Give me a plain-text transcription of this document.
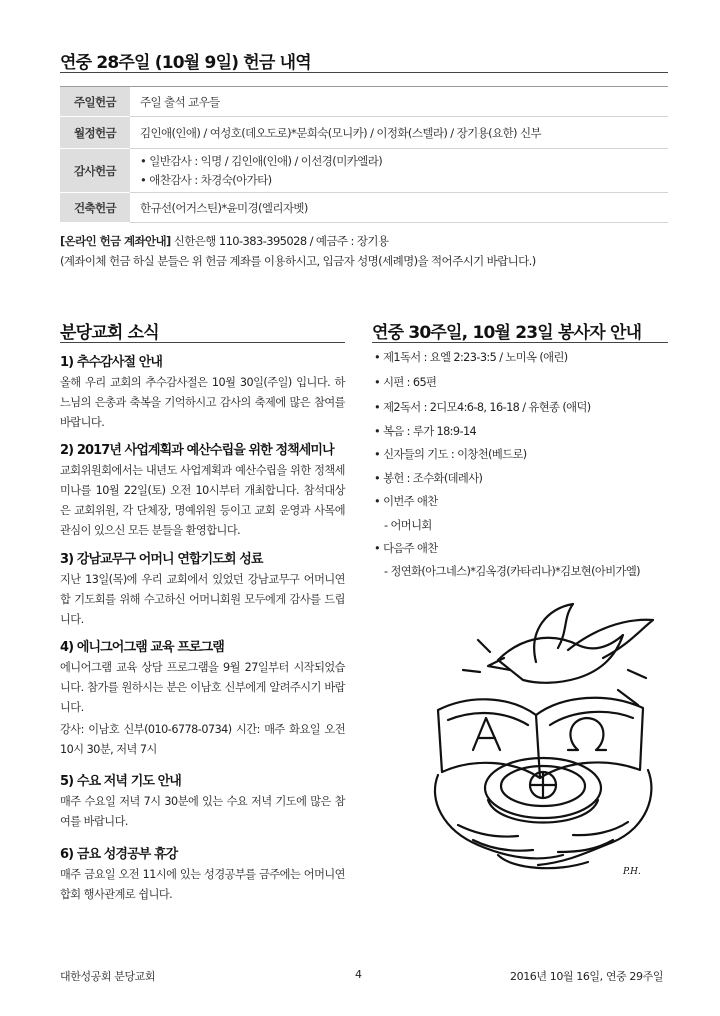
연중 28주일 (10월 9일) 헌금 내역
주일헌금	주일 출석 교우들
월정헌금	김인애(인애) / 여성호(데오도로)*문희숙(모니카) / 이정화(스텔라) / 장기용(요한) 신부
감사헌금	• 일반감사 : 익명 / 김인애(인애) / 이선경(미카엘라)
• 애찬감사 : 차경숙(아가타)

건축헌금	한규선(어거스틴)*윤미경(엘리자벳)
[온라인 헌금 계좌안내] 신한은행 110-383-395028 / 예금주 : 장기용
(계좌이체 헌금 하실 분들은 위 헌금 계좌를 이용하시고, 입금자 성명(세례명)을 적어주시기 바랍니다.)
분당교회 소식
1) 추수감사절 안내
올해 우리 교회의 추수감사절은 10월 30일(주일) 입니다. 하느님의 은총과 축복을 기억하시고 감사의 축제에 많은 참여를 바랍니다.
2) 2017년 사업계획과 예산수립을 위한 정책세미나
교회위원회에서는 내년도 사업계획과 예산수립을 위한 정책세미나를 10월 22일(토) 오전 10시부터 개최합니다. 참석대상은 교회위원, 각 단체장, 명예위원 등이고 교회 운영과 사목에 관심이 있으신 모든 분들을 환영합니다.
3) 강남교무구 어머니 연합기도회 성료
지난 13일(목)에 우리 교회에서 있었던 강남교무구 어머니연합 기도회를 위해 수고하신 어머니회원 모두에게 감사를 드립니다.
4) 에니그어그램 교육 프로그램
에니어그램 교육 상담 프로그램을 9월 27일부터 시작되었습니다. 참가를 원하시는 분은 이남호 신부에게 알려주시기 바랍니다.
강사: 이남호 신부(010-6778-0734) 시간: 매주 화요일 오전 10시 30분, 저녁 7시
5) 수요 저녁 기도 안내
매주 수요일 저녁 7시 30분에 있는 수요 저녁 기도에 많은 참여를 바랍니다.
6) 금요 성경공부 휴강
매주 금요일 오전 11시에 있는 성경공부를 금주에는 어머니연합회 행사관계로 쉽니다.
연중 30주일, 10월 23일 봉사자 안내
• 제1독서 : 요엘 2:23-3:5 / 노미옥 (애린)
• 시편 : 65편
• 제2독서 : 2디모4:6-8, 16-18 / 유현종 (애덕)
• 복음 : 루가 18:9-14
• 신자들의 기도 : 이창천(베드로)
• 봉헌 : 조수화(데레사)
• 이번주 애찬
- 어머니회
• 다음주 애찬
- 정연화(아그네스)*김옥경(카타리나)*김보현(아비가엘)
P.H.
대한성공회 분당교회	4	2016년 10월 16일, 연중 29주일
